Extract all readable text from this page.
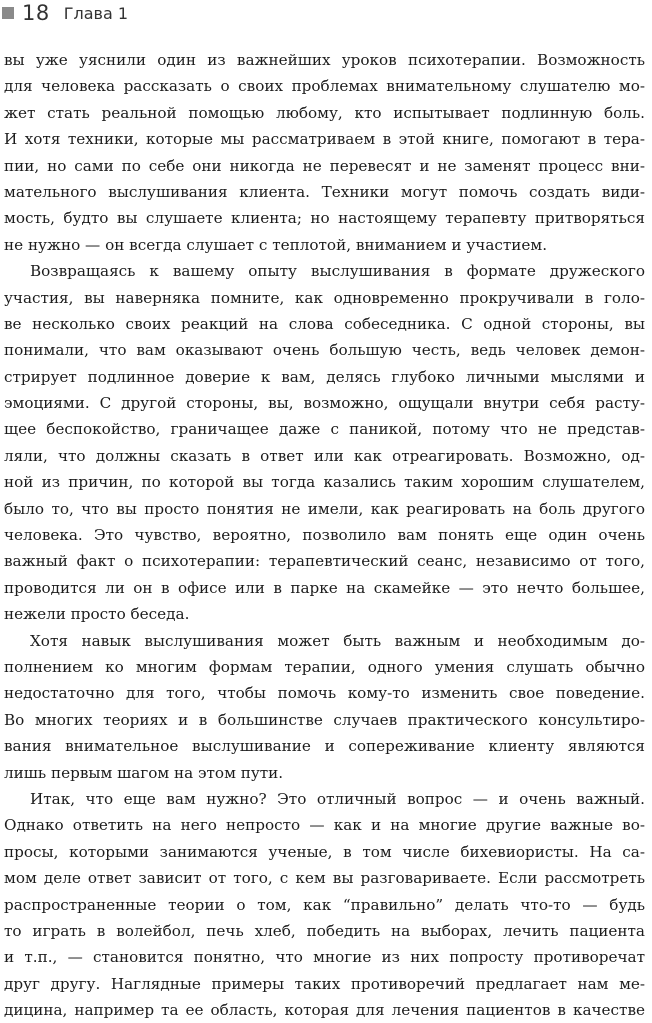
18 Глава 1
вы уже уяснили один из важнейших уроков психотерапии. Возможность
для человека рассказать о своих проблемах внимательному слушателю мо-
жет стать реальной помощью любому, кто испытывает подлинную боль.
И хотя техники, которые мы рассматриваем в этой книге, помогают в тера-
пии, но сами по себе они никогда не перевесят и не заменят процесс вни-
мательного выслушивания клиента. Техники могут помочь создать види-
мость, будто вы слушаете клиента; но настоящему терапевту притворяться
не нужно — он всегда слушает с теплотой, вниманием и участием.
Возвращаясь к вашему опыту выслушивания в формате дружеского
участия, вы наверняка помните, как одновременно прокручивали в голо-
ве несколько своих реакций на слова собеседника. С одной стороны, вы
понимали, что вам оказывают очень большую честь, ведь человек демон-
стрирует подлинное доверие к вам, делясь глубоко личными мыслями и
эмоциями. С другой стороны, вы, возможно, ощущали внутри себя расту-
щее беспокойство, граничащее даже с паникой, потому что не представ-
ляли, что должны сказать в ответ или как отреагировать. Возможно, од-
ной из причин, по которой вы тогда казались таким хорошим слушателем,
было то, что вы просто понятия не имели, как реагировать на боль другого
человека. Это чувство, вероятно, позволило вам понять еще один очень
важный факт о психотерапии: терапевтический сеанс, независимо от того,
проводится ли он в офисе или в парке на скамейке — это нечто большее,
нежели просто беседа.
Хотя навык выслушивания может быть важным и необходимым до-
полнением ко многим формам терапии, одного умения слушать обычно
недостаточно для того, чтобы помочь кому-то изменить свое поведение.
Во многих теориях и в большинстве случаев практического консультиро-
вания внимательное выслушивание и сопереживание клиенту являются
лишь первым шагом на этом пути.
Итак, что еще вам нужно? Это отличный вопрос — и очень важный.
Однако ответить на него непросто — как и на многие другие важные во-
просы, которыми занимаются ученые, в том числе бихевиористы. На са-
мом деле ответ зависит от того, с кем вы разговариваете. Если рассмотреть
распространенные теории о том, как “правильно” делать что-то — будь
то играть в волейбол, печь хлеб, победить на выборах, лечить пациента
и т.п., — становится понятно, что многие из них попросту противоречат
друг другу. Наглядные примеры таких противоречий предлагает нам ме-
дицина, например та ее область, которая для лечения пациентов в качестве
